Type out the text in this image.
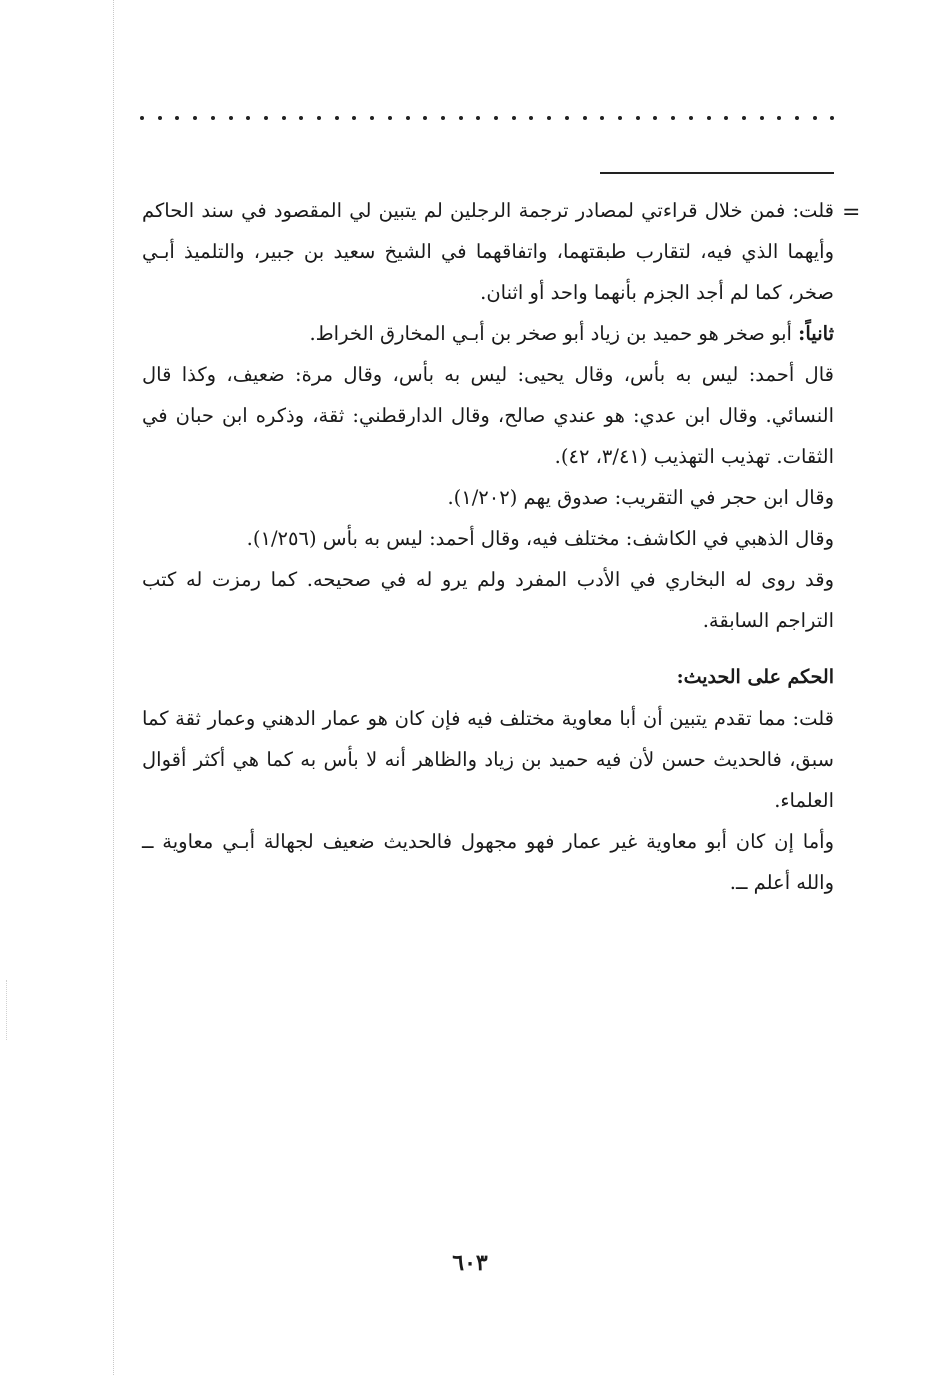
=

قلت: فمن خلال قراءتي لمصادر ترجمة الرجلين لم يتبين لي المقصود في سند الحاكم وأيهما الذي فيه، لتقارب طبقتهما، واتفاقهما في الشيخ سعيد بن جبير، والتلميذ أبـي صخر، كما لم أجد الجزم بأنهما واحد أو اثنان.

ثانياً: أبو صخر هو حميد بن زياد أبو صخر بن أبـي المخارق الخراط.

قال أحمد: ليس به بأس، وقال يحيى: ليس به بأس، وقال مرة: ضعيف، وكذا قال النسائي. وقال ابن عدي: هو عندي صالح، وقال الدارقطني: ثقة، وذكره ابن حبان في الثقات. تهذيب التهذيب (٣/٤١، ٤٢).

وقال ابن حجر في التقريب: صدوق يهم (١/٢٠٢).

وقال الذهبي في الكاشف: مختلف فيه، وقال أحمد: ليس به بأس (١/٢٥٦).

وقد روى له البخاري في الأدب المفرد ولم يرو له في صحيحه. كما رمزت له كتب التراجم السابقة.

الحكم على الحديث:

قلت: مما تقدم يتبين أن أبا معاوية مختلف فيه فإن كان هو عمار الدهني وعمار ثقة كما سبق، فالحديث حسن لأن فيه حميد بن زياد والظاهر أنه لا بأس به كما هي أكثر أقوال العلماء.

وأما إن كان أبو معاوية غير عمار فهو مجهول فالحديث ضعيف لجهالة أبـي معاوية ــ والله أعلم ــ.

٦٠٣
